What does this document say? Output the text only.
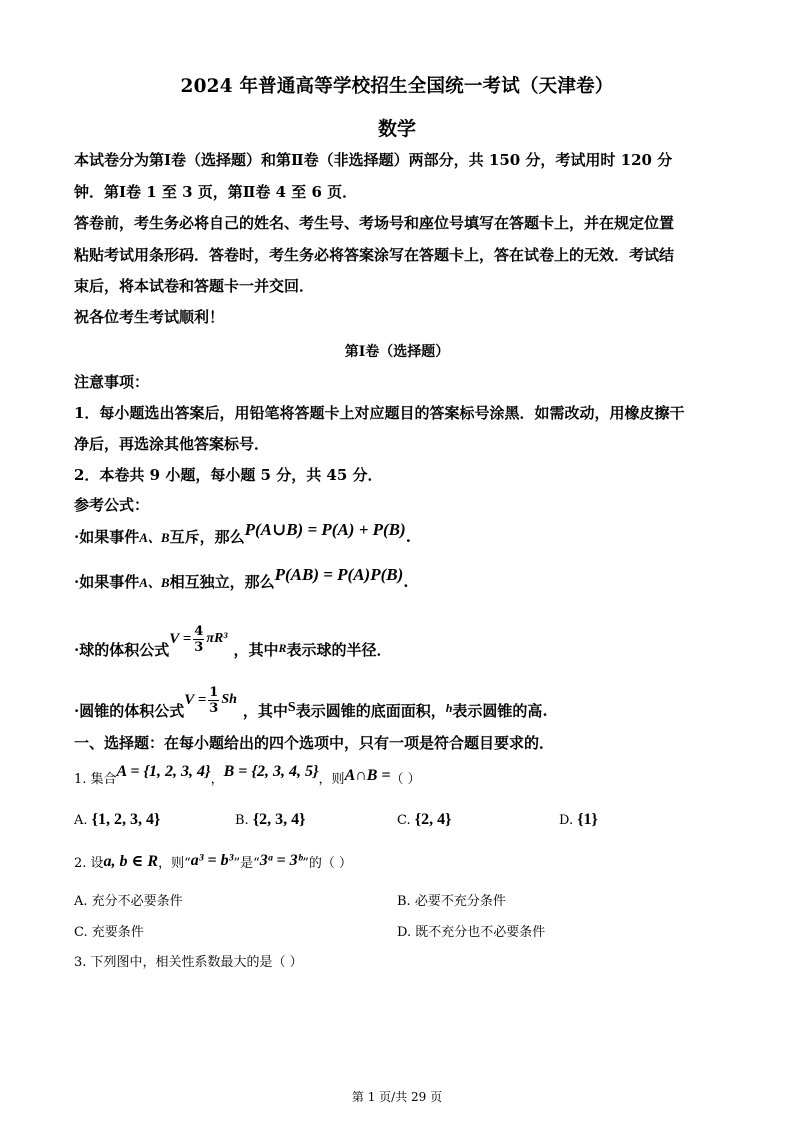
2024 年普通高等学校招生全国统一考试（天津卷）
数学
本试卷分为第Ⅰ卷（选择题）和第Ⅱ卷（非选择题）两部分，共 150 分，考试用时 120 分
钟．第Ⅰ卷 1 至 3 页，第Ⅱ卷 4 至 6 页．
答卷前，考生务必将自己的姓名、考生号、考场号和座位号填写在答题卡上，并在规定位置
粘贴考试用条形码．答卷时，考生务必将答案涂写在答题卡上，答在试卷上的无效．考试结
束后，将本试卷和答题卡一并交回．
祝各位考生考试顺利！
第Ⅰ卷（选择题）
注意事项：
1．每小题选出答案后，用铅笔将答题卡上对应题目的答案标号涂黑．如需改动，用橡皮擦干
净后，再选涂其他答案标号．
2．本卷共 9 小题，每小题 5 分，共 45 分．
参考公式：
·如果事件A、B互斥，那么P(A∪B) = P(A) + P(B).
·如果事件A、B相互独立，那么P(AB) = P(A)P(B).
·球的体积公式
$V = \frac{4}{3} \pi R^3$
，其中 R 表示球的半径．
·圆锥的体积公式
$V = \frac{1}{3}$ Sh
，其中 S 表示圆锥的底面面积， h 表示圆锥的高.
一、选择题：在每小题给出的四个选项中，只有一项是符合题目要求的．
1. 集合 A = {1, 2, 3, 4} ， B = {2, 3, 4, 5} ，则 A∩B = （ ）
A. {1, 2, 3, 4}	B. {2, 3, 4}	C. {2, 4}	D. {1}
2. 设 a, b ∈ R ，则“ a³ = b³ ”是“ 3ᵃ = 3ᵇ ”的（ ）
A. 充分不必要条件	B. 必要不充分条件
C. 充要条件	D. 既不充分也不必要条件
3. 下列图中，相关性系数最大的是（ ）
第 1 页/共 29 页
